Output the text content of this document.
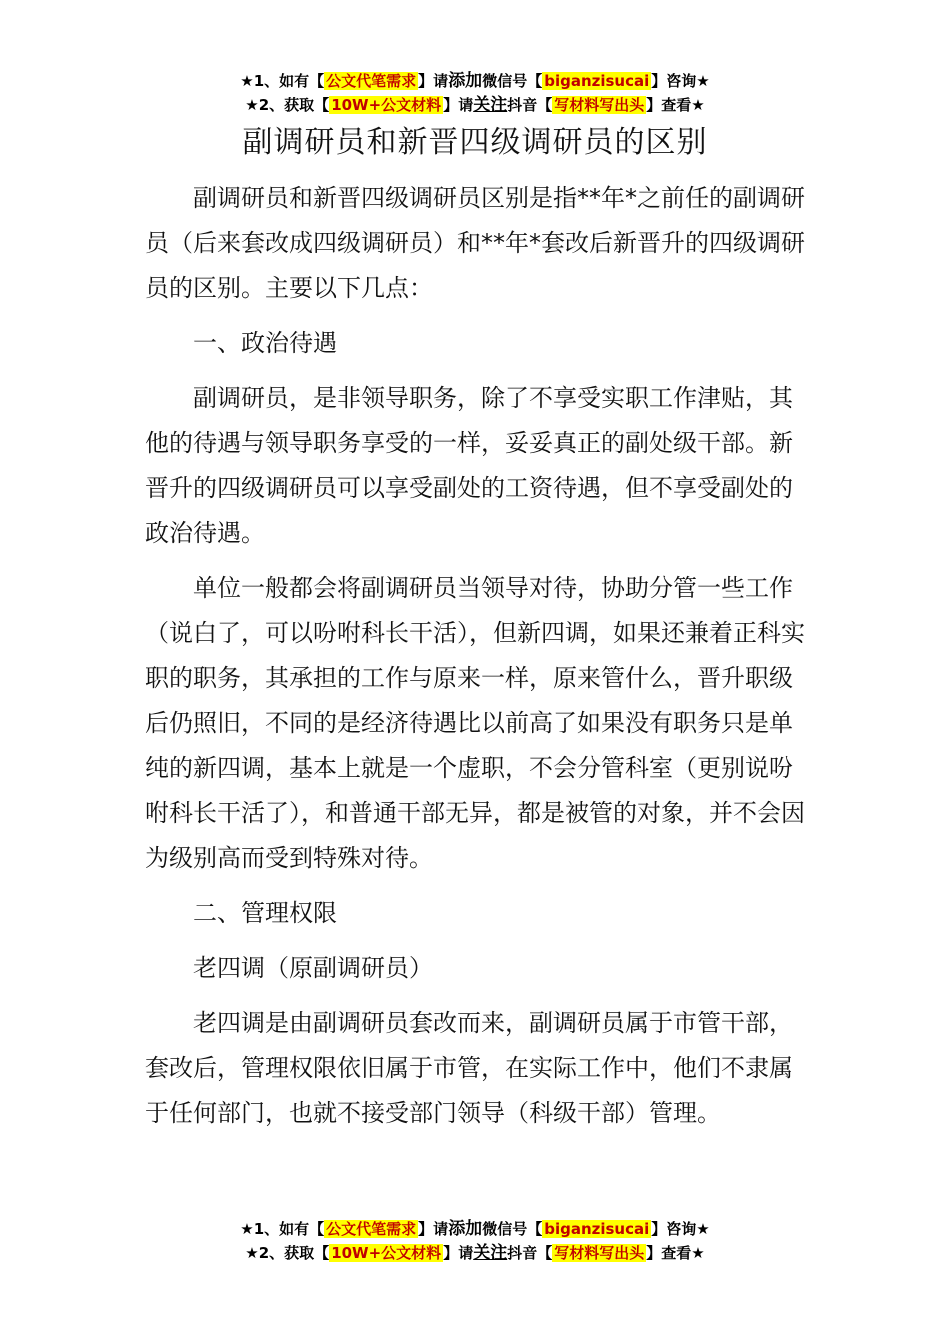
★1、如有【 公文代笔需求 】请添加微信号【 biganzisucai 】咨询★
★2、获取【 10W+公文材料 】请关注抖音【 写材料写出头 】查看★
副调研员和新晋四级调研员的区别

副调研员和新晋四级调研员区别是指**年*之前任的副调研员（后来套改成四级调研员）和**年*套改后新晋升的四级调研员的区别。主要以下几点：

一、政治待遇

副调研员，是非领导职务，除了不享受实职工作津贴，其他的待遇与领导职务享受的一样，妥妥真正的副处级干部。新晋升的四级调研员可以享受副处的工资待遇，但不享受副处的政治待遇。

单位一般都会将副调研员当领导对待，协助分管一些工作（说白了，可以吩咐科长干活），但新四调，如果还兼着正科实职的职务，其承担的工作与原来一样，原来管什么，晋升职级后仍照旧，不同的是经济待遇比以前高了如果没有职务只是单纯的新四调，基本上就是一个虚职，不会分管科室（更别说吩咐科长干活了），和普通干部无异，都是被管的对象，并不会因为级别高而受到特殊对待。

二、管理权限

老四调（原副调研员）

老四调是由副调研员套改而来，副调研员属于市管干部，套改后，管理权限依旧属于市管，在实际工作中，他们不隶属于任何部门，也就不接受部门领导（科级干部）管理。

★1、如有【 公文代笔需求 】请添加微信号【 biganzisucai 】咨询★
★2、获取【 10W+公文材料 】请关注抖音【 写材料写出头 】查看★
